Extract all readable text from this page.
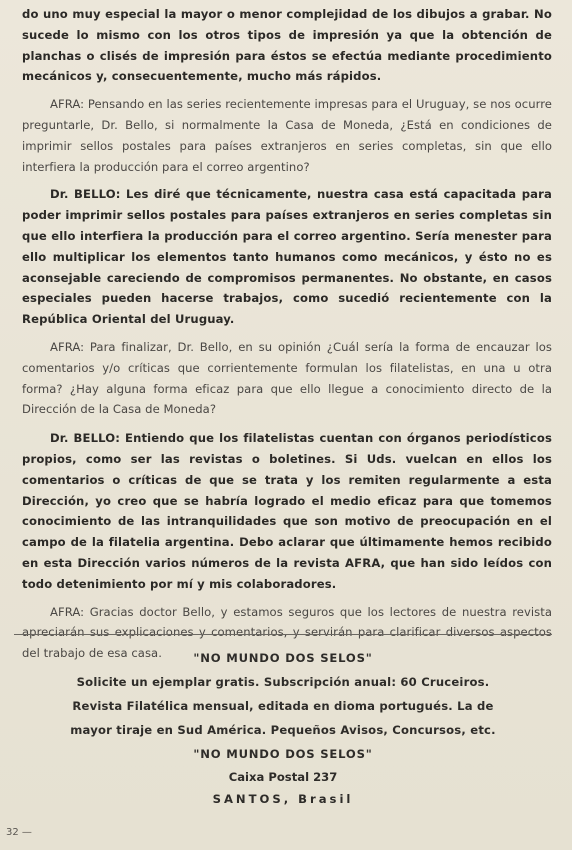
do uno muy especial la mayor o menor complejidad de los dibujos a grabar. No sucede lo mismo con los otros tipos de impresión ya que la obtención de planchas o clisés de impresión para éstos se efectúa mediante procedimiento mecánicos y, consecuentemente, mucho más rápidos.

AFRA: Pensando en las series recientemente impresas para el Uruguay, se nos ocurre preguntarle, Dr. Bello, si normalmente la Casa de Moneda, ¿Está en condiciones de imprimir sellos postales para países extranjeros en series completas, sin que ello interfiera la producción para el correo argentino?

Dr. BELLO: Les diré que técnicamente, nuestra casa está capacitada para poder imprimir sellos postales para países extranjeros en series completas sin que ello interfiera la producción para el correo argentino. Sería menester para ello multiplicar los elementos tanto humanos como mecánicos, y ésto no es aconsejable careciendo de compromisos permanentes. No obstante, en casos especiales pueden hacerse trabajos, como sucedió recientemente con la República Oriental del Uruguay.

AFRA: Para finalizar, Dr. Bello, en su opinión ¿Cuál sería la forma de encauzar los comentarios y/o críticas que corrientemente formulan los filatelistas, en una u otra forma? ¿Hay alguna forma eficaz para que ello llegue a conocimiento directo de la Dirección de la Casa de Moneda?

Dr. BELLO: Entiendo que los filatelistas cuentan con órganos periodísticos propios, como ser las revistas o boletines. Si Uds. vuelcan en ellos los comentarios o críticas de que se trata y los remiten regularmente a esta Dirección, yo creo que se habría logrado el medio eficaz para que tomemos conocimiento de las intranquilidades que son motivo de preocupación en el campo de la filatelia argentina. Debo aclarar que últimamente hemos recibido en esta Dirección varios números de la revista AFRA, que han sido leídos con todo detenimiento por mí y mis colaboradores.

AFRA: Gracias doctor Bello, y estamos seguros que los lectores de nuestra revista apreciarán sus explicaciones y comentarios, y servirán para clarificar diversos aspectos del trabajo de esa casa.	"NO MUNDO DOS SELOS"
Solicite un ejemplar gratis. Subscripción anual: 60 Cruceiros.
Revista Filatélica mensual, editada en dioma portugués. La de
mayor tiraje en Sud América. Pequeños Avisos, Concursos, etc.
"NO MUNDO DOS SELOS"
Caixa Postal 237
SANTOS, Brasil
32 —
